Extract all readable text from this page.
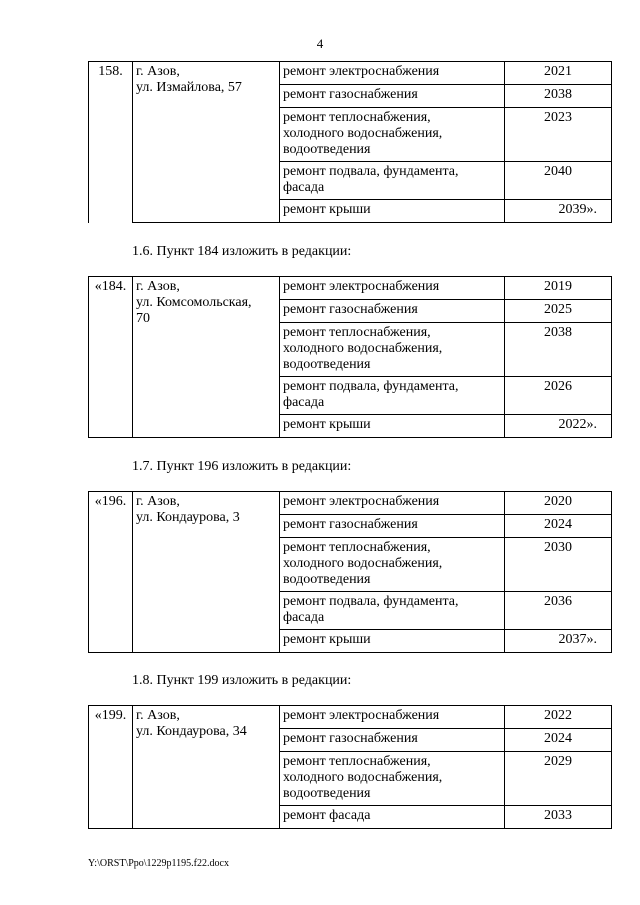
4
158.	г. Азов,
ул. Измайлова, 57	ремонт электроснабжения	2021

		ремонт газоснабжения	2038

		ремонт теплоснабжения,
холодного водоснабжения,
водоотведения	2023

		ремонт подвала, фундамента,
фасада	2040

		ремонт крыши	2039».
1.6. Пункт 184 изложить в редакции:
«184.	г. Азов,
ул. Комсомольская,
70	ремонт электроснабжения	2019

		ремонт газоснабжения	2025

		ремонт теплоснабжения,
холодного водоснабжения,
водоотведения	2038

		ремонт подвала, фундамента,
фасада	2026

		ремонт крыши	2022».
1.7. Пункт 196 изложить в редакции:
«196.	г. Азов,
ул. Кондаурова, 3	ремонт электроснабжения	2020

		ремонт газоснабжения	2024

		ремонт теплоснабжения,
холодного водоснабжения,
водоотведения	2030

		ремонт подвала, фундамента,
фасада	2036

		ремонт крыши	2037».
1.8. Пункт 199 изложить в редакции:
«199.	г. Азов,
ул. Кондаурова, 34	ремонт электроснабжения	2022

		ремонт газоснабжения	2024

		ремонт теплоснабжения,
холодного водоснабжения,
водоотведения	2029

		ремонт фасада	2033
Y:\ORST\Ppo\1229p1195.f22.docx
